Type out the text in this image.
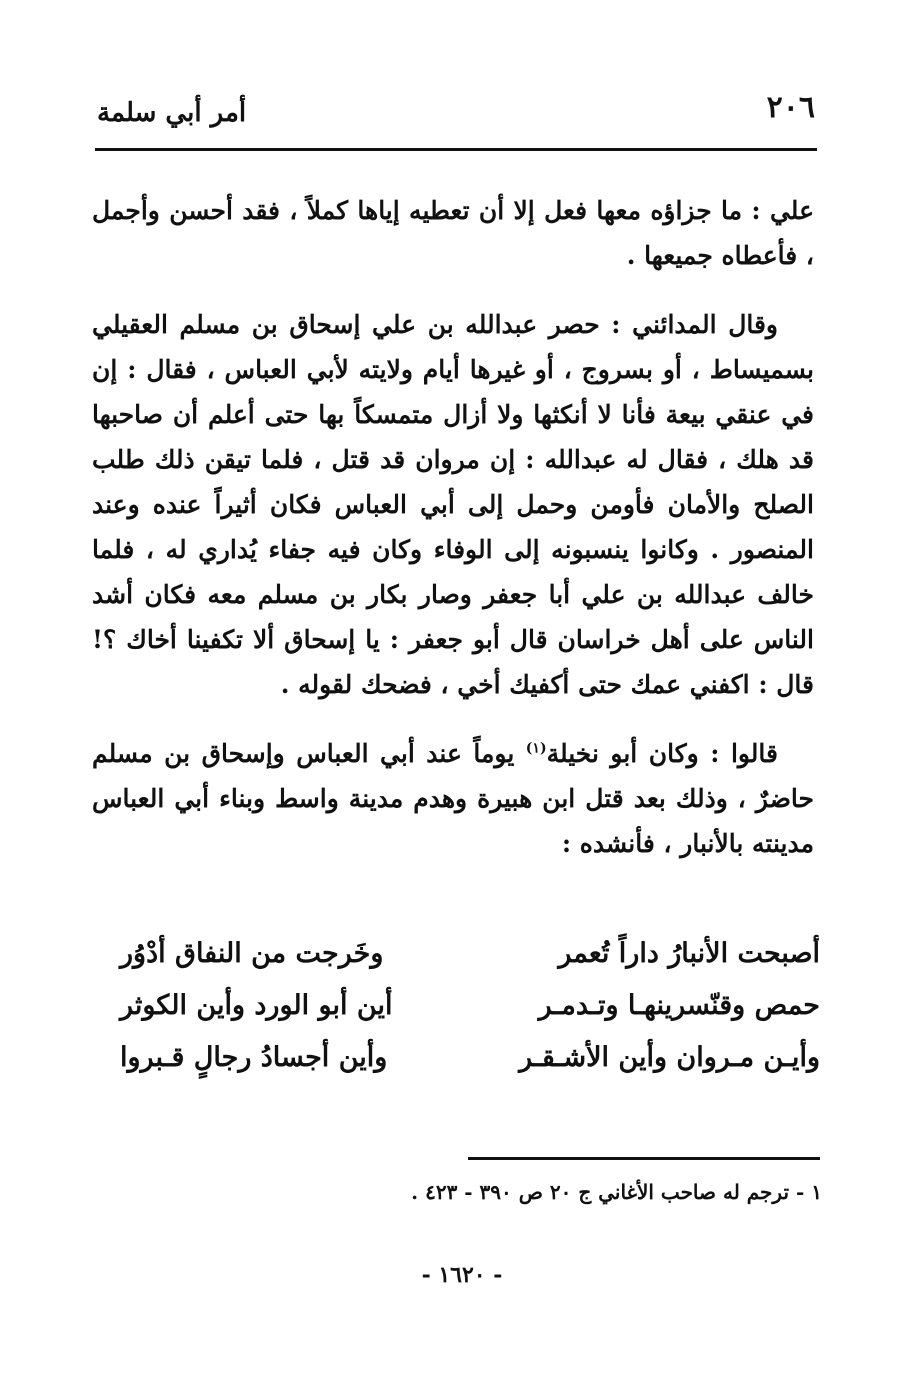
٢٠٦
أمر أبي سلمة

علي : ما جزاؤه معها فعل إلا أن تعطيه إياها كملاً ، فقد أحسن وأجمل ، فأعطاه جميعها .

وقال المدائني : حصر عبدالله بن علي إسحاق بن مسلم العقيلي بسميساط ، أو بسروج ، أو غيرها أيام ولايته لأبي العباس ، فقال : إن في عنقي بيعة فأنا لا أنكثها ولا أزال متمسكاً بها حتى أعلم أن صاحبها قد هلك ، فقال له عبدالله : إن مروان قد قتل ، فلما تيقن ذلك طلب الصلح والأمان فأومن وحمل إلى أبي العباس فكان أثيراً عنده وعند المنصور . وكانوا ينسبونه إلى الوفاء وكان فيه جفاء يُداري له ، فلما خالف عبدالله بن علي أبا جعفر وصار بكار بن مسلم معه فكان أشد الناس على أهل خراسان قال أبو جعفر : يا إسحاق ألا تكفينا أخاك ؟! قال : اكفني عمك حتى أكفيك أخي ، فضحك لقوله .

قالوا : وكان أبو نخيلة$^{(١)}$ يوماً عند أبي العباس وإسحاق بن مسلم حاضرٌ ، وذلك بعد قتل ابن هبيرة وهدم مدينة واسط وبناء أبي العباس مدينته بالأنبار ، فأنشده :

أصبحت الأنبارُ داراً تُعمر
وخَرجت من النفاق أدْوُر
حمص وقنّسرينهـا وتـدمـر
أين أبو الورد وأين الكوثر
وأيـن مـروان وأين الأشـقـر
وأين أجسادُ رجالٍ قـبروا
١ - ترجم له صاحب الأغاني ج ٢٠ ص ٣٩٠ - ٤٢٣ .
- ١٦٢٠ -
